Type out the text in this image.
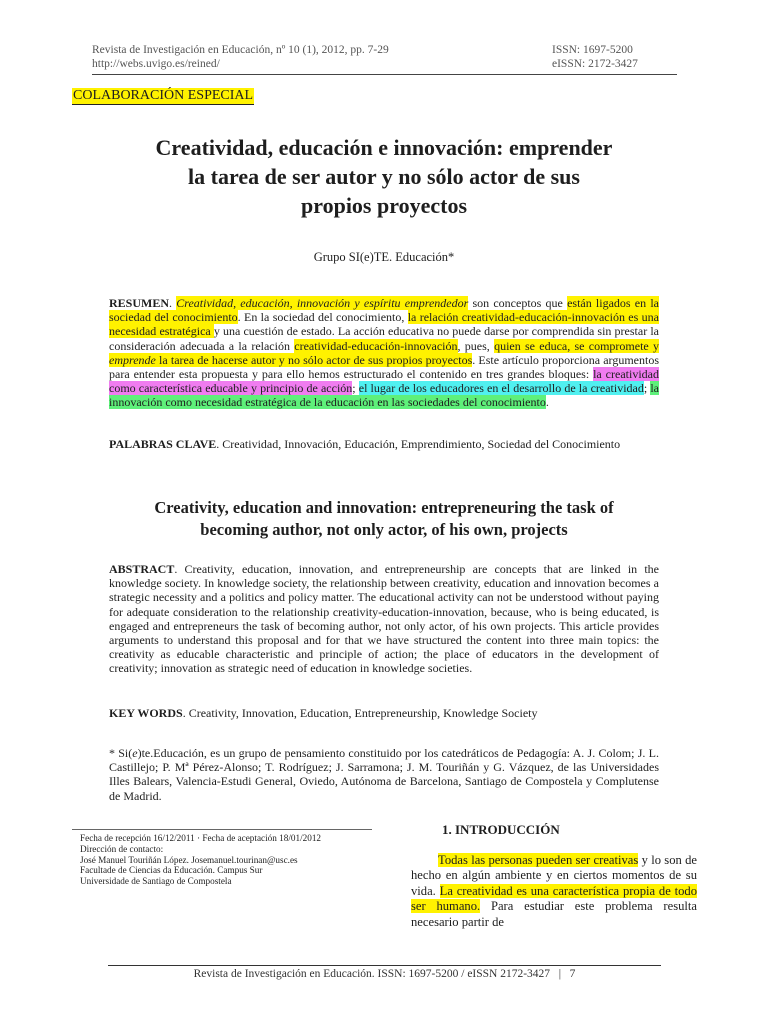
Revista de Investigación en Educación, nº 10 (1), 2012, pp. 7-29
http://webs.uvigo.es/reined/
ISSN: 1697-5200
eISSN: 2172-3427
COLABORACIÓN ESPECIAL
Creatividad, educación e innovación: emprender
la tarea de ser autor y no sólo actor de sus
propios proyectos
Grupo SI(e)TE. Educación*
RESUMEN. Creatividad, educación, innovación y espíritu emprendedor son conceptos que están ligados en la sociedad del conocimiento. En la sociedad del conocimiento, la relación creatividad-educación-innovación es una necesidad estratégica y una cuestión de estado. La acción educativa no puede darse por comprendida sin prestar la consideración adecuada a la relación creatividad-educación-innovación, pues, quien se educa, se compromete y emprende la tarea de hacerse autor y no sólo actor de sus propios proyectos. Este artículo proporciona argumentos para entender esta propuesta y para ello hemos estructurado el contenido en tres grandes bloques: la creatividad como característica educable y principio de acción; el lugar de los educadores en el desarrollo de la creatividad; la innovación como necesidad estratégica de la educación en las sociedades del conocimiento.
PALABRAS CLAVE. Creatividad, Innovación, Educación, Emprendimiento, Sociedad del Conocimiento
Creativity, education and innovation: entrepreneuring the task of
becoming author, not only actor, of his own, projects
ABSTRACT. Creativity, education, innovation, and entrepreneurship are concepts that are linked in the knowledge society. In knowledge society, the relationship between creativity, education and innovation becomes a strategic necessity and a politics and policy matter. The educational activity can not be understood without paying for adequate consideration to the relationship creativity-education-innovation, because, who is being educated, is engaged and entrepreneurs the task of becoming author, not only actor, of his own projects. This article provides arguments to understand this proposal and for that we have structured the content into three main topics: the creativity as educable characteristic and principle of action; the place of educators in the development of creativity; innovation as strategic need of education in knowledge societies.
KEY WORDS. Creativity, Innovation, Education, Entrepreneurship, Knowledge Society
* Si(e)te.Educación, es un grupo de pensamiento constituido por los catedráticos de Pedagogía: A. J. Colom; J. L. Castillejo; P. Mª Pérez-Alonso; T. Rodríguez; J. Sarramona; J. M. Touriñán y G. Vázquez, de las Universidades Illes Balears, Valencia-Estudi General, Oviedo, Autónoma de Barcelona, Santiago de Compostela y Complutense de Madrid.
Fecha de recepción 16/12/2011 · Fecha de aceptación 18/01/2012
Dirección de contacto:
José Manuel Touriñán López. Josemanuel.tourinan@usc.es
Facultade de Ciencias da Educación. Campus Sur
Universidade de Santiago de Compostela
1. INTRODUCCIÓN
Todas las personas pueden ser creativas y lo son de hecho en algún ambiente y en ciertos momentos de su vida. La creatividad es una característica propia de todo ser humano. Para estudiar este problema resulta necesario partir de
Revista de Investigación en Educación. ISSN: 1697-5200 / eISSN 2172-3427 | 7
